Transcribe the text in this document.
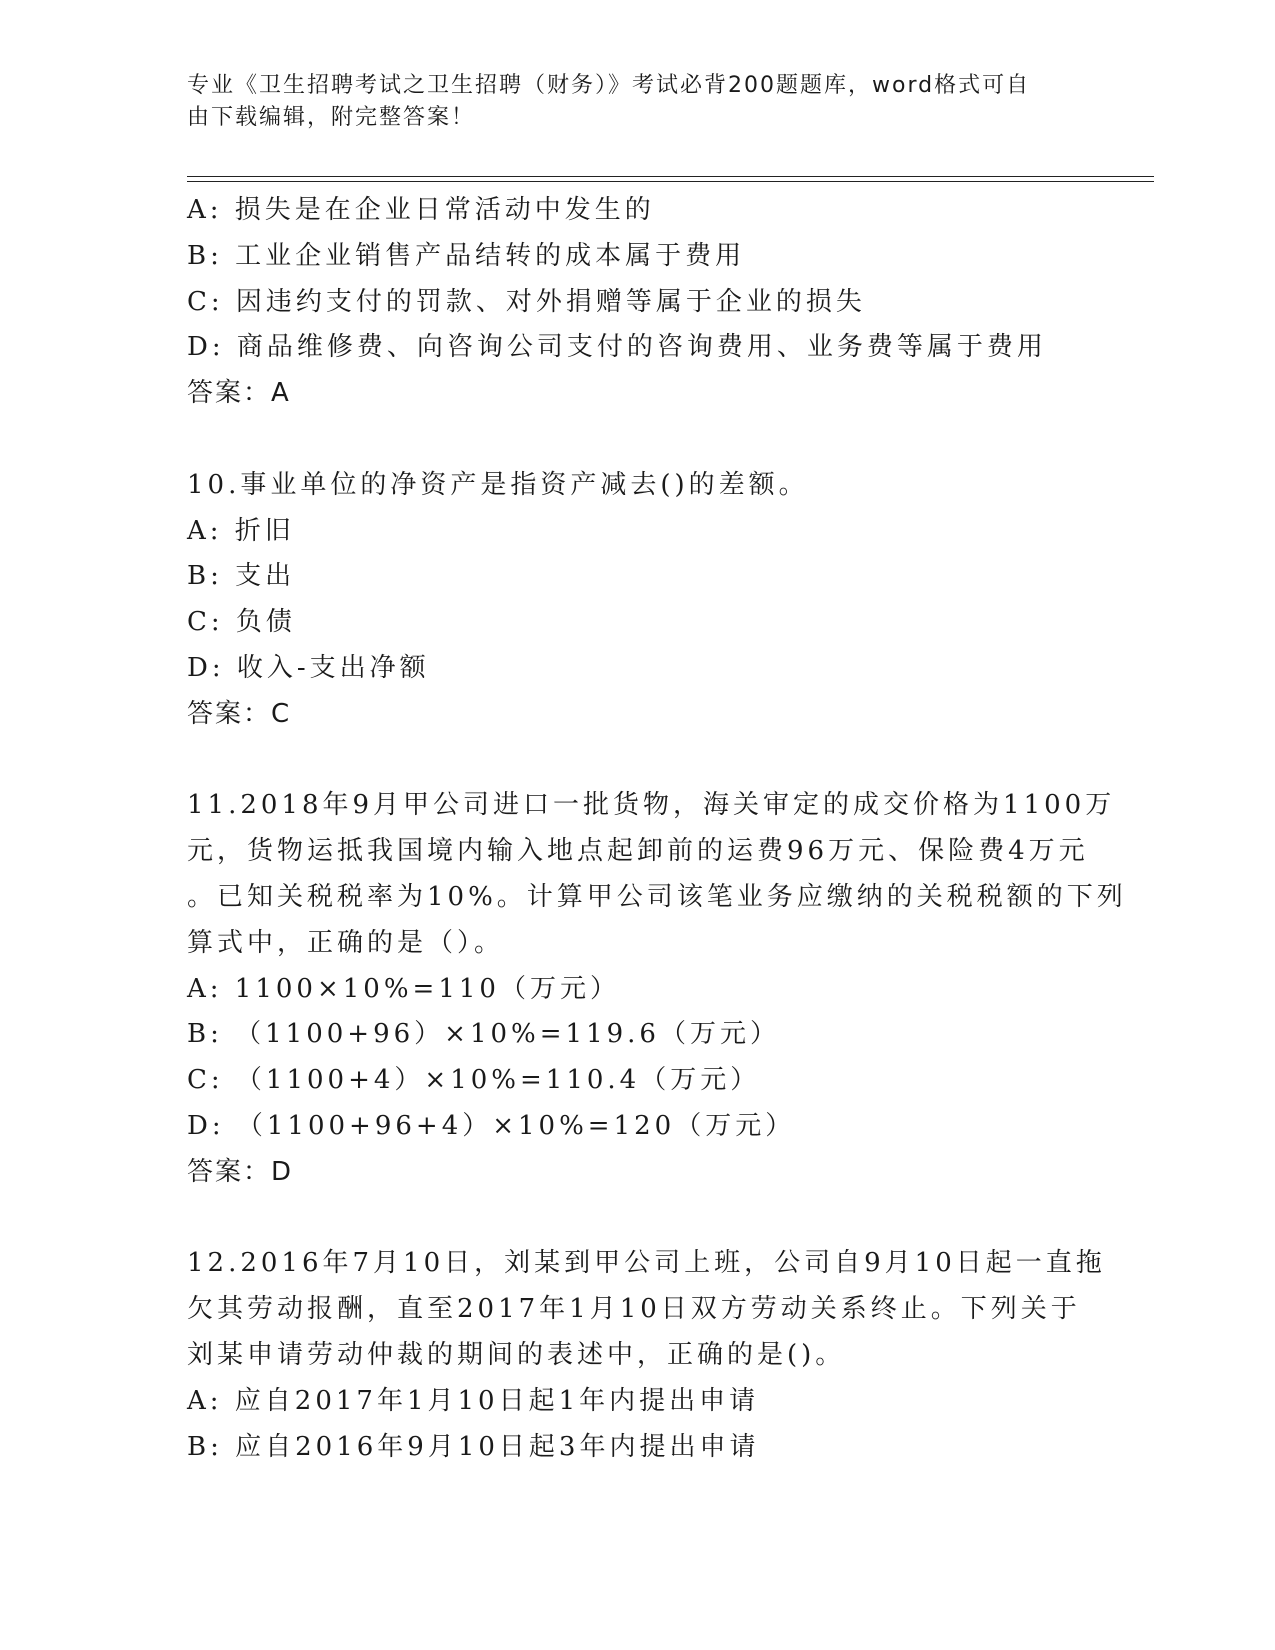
专业《卫生招聘考试之卫生招聘（财务）》考试必背200题题库，word格式可自
由下载编辑，附完整答案！
A: 损失是在企业日常活动中发生的
B: 工业企业销售产品结转的成本属于费用
C: 因违约支付的罚款、对外捐赠等属于企业的损失
D: 商品维修费、向咨询公司支付的咨询费用、业务费等属于费用
答案：A
10.事业单位的净资产是指资产减去()的差额。
A: 折旧
B: 支出
C: 负债
D: 收入-支出净额
答案：C
11.2018年9月甲公司进口一批货物，海关审定的成交价格为1100万
元，货物运抵我国境内输入地点起卸前的运费96万元、保险费4万元
。已知关税税率为10%。计算甲公司该笔业务应缴纳的关税税额的下列
算式中，正确的是（）。
A: 1100×10%=110（万元）
B: （1100+96）×10%=119.6（万元）
C: （1100+4）×10%=110.4（万元）
D: （1100+96+4）×10%=120（万元）
答案：D
12.2016年7月10日，刘某到甲公司上班，公司自9月10日起一直拖
欠其劳动报酬，直至2017年1月10日双方劳动关系终止。下列关于
刘某申请劳动仲裁的期间的表述中，正确的是()。
A: 应自2017年1月10日起1年内提出申请
B: 应自2016年9月10日起3年内提出申请
